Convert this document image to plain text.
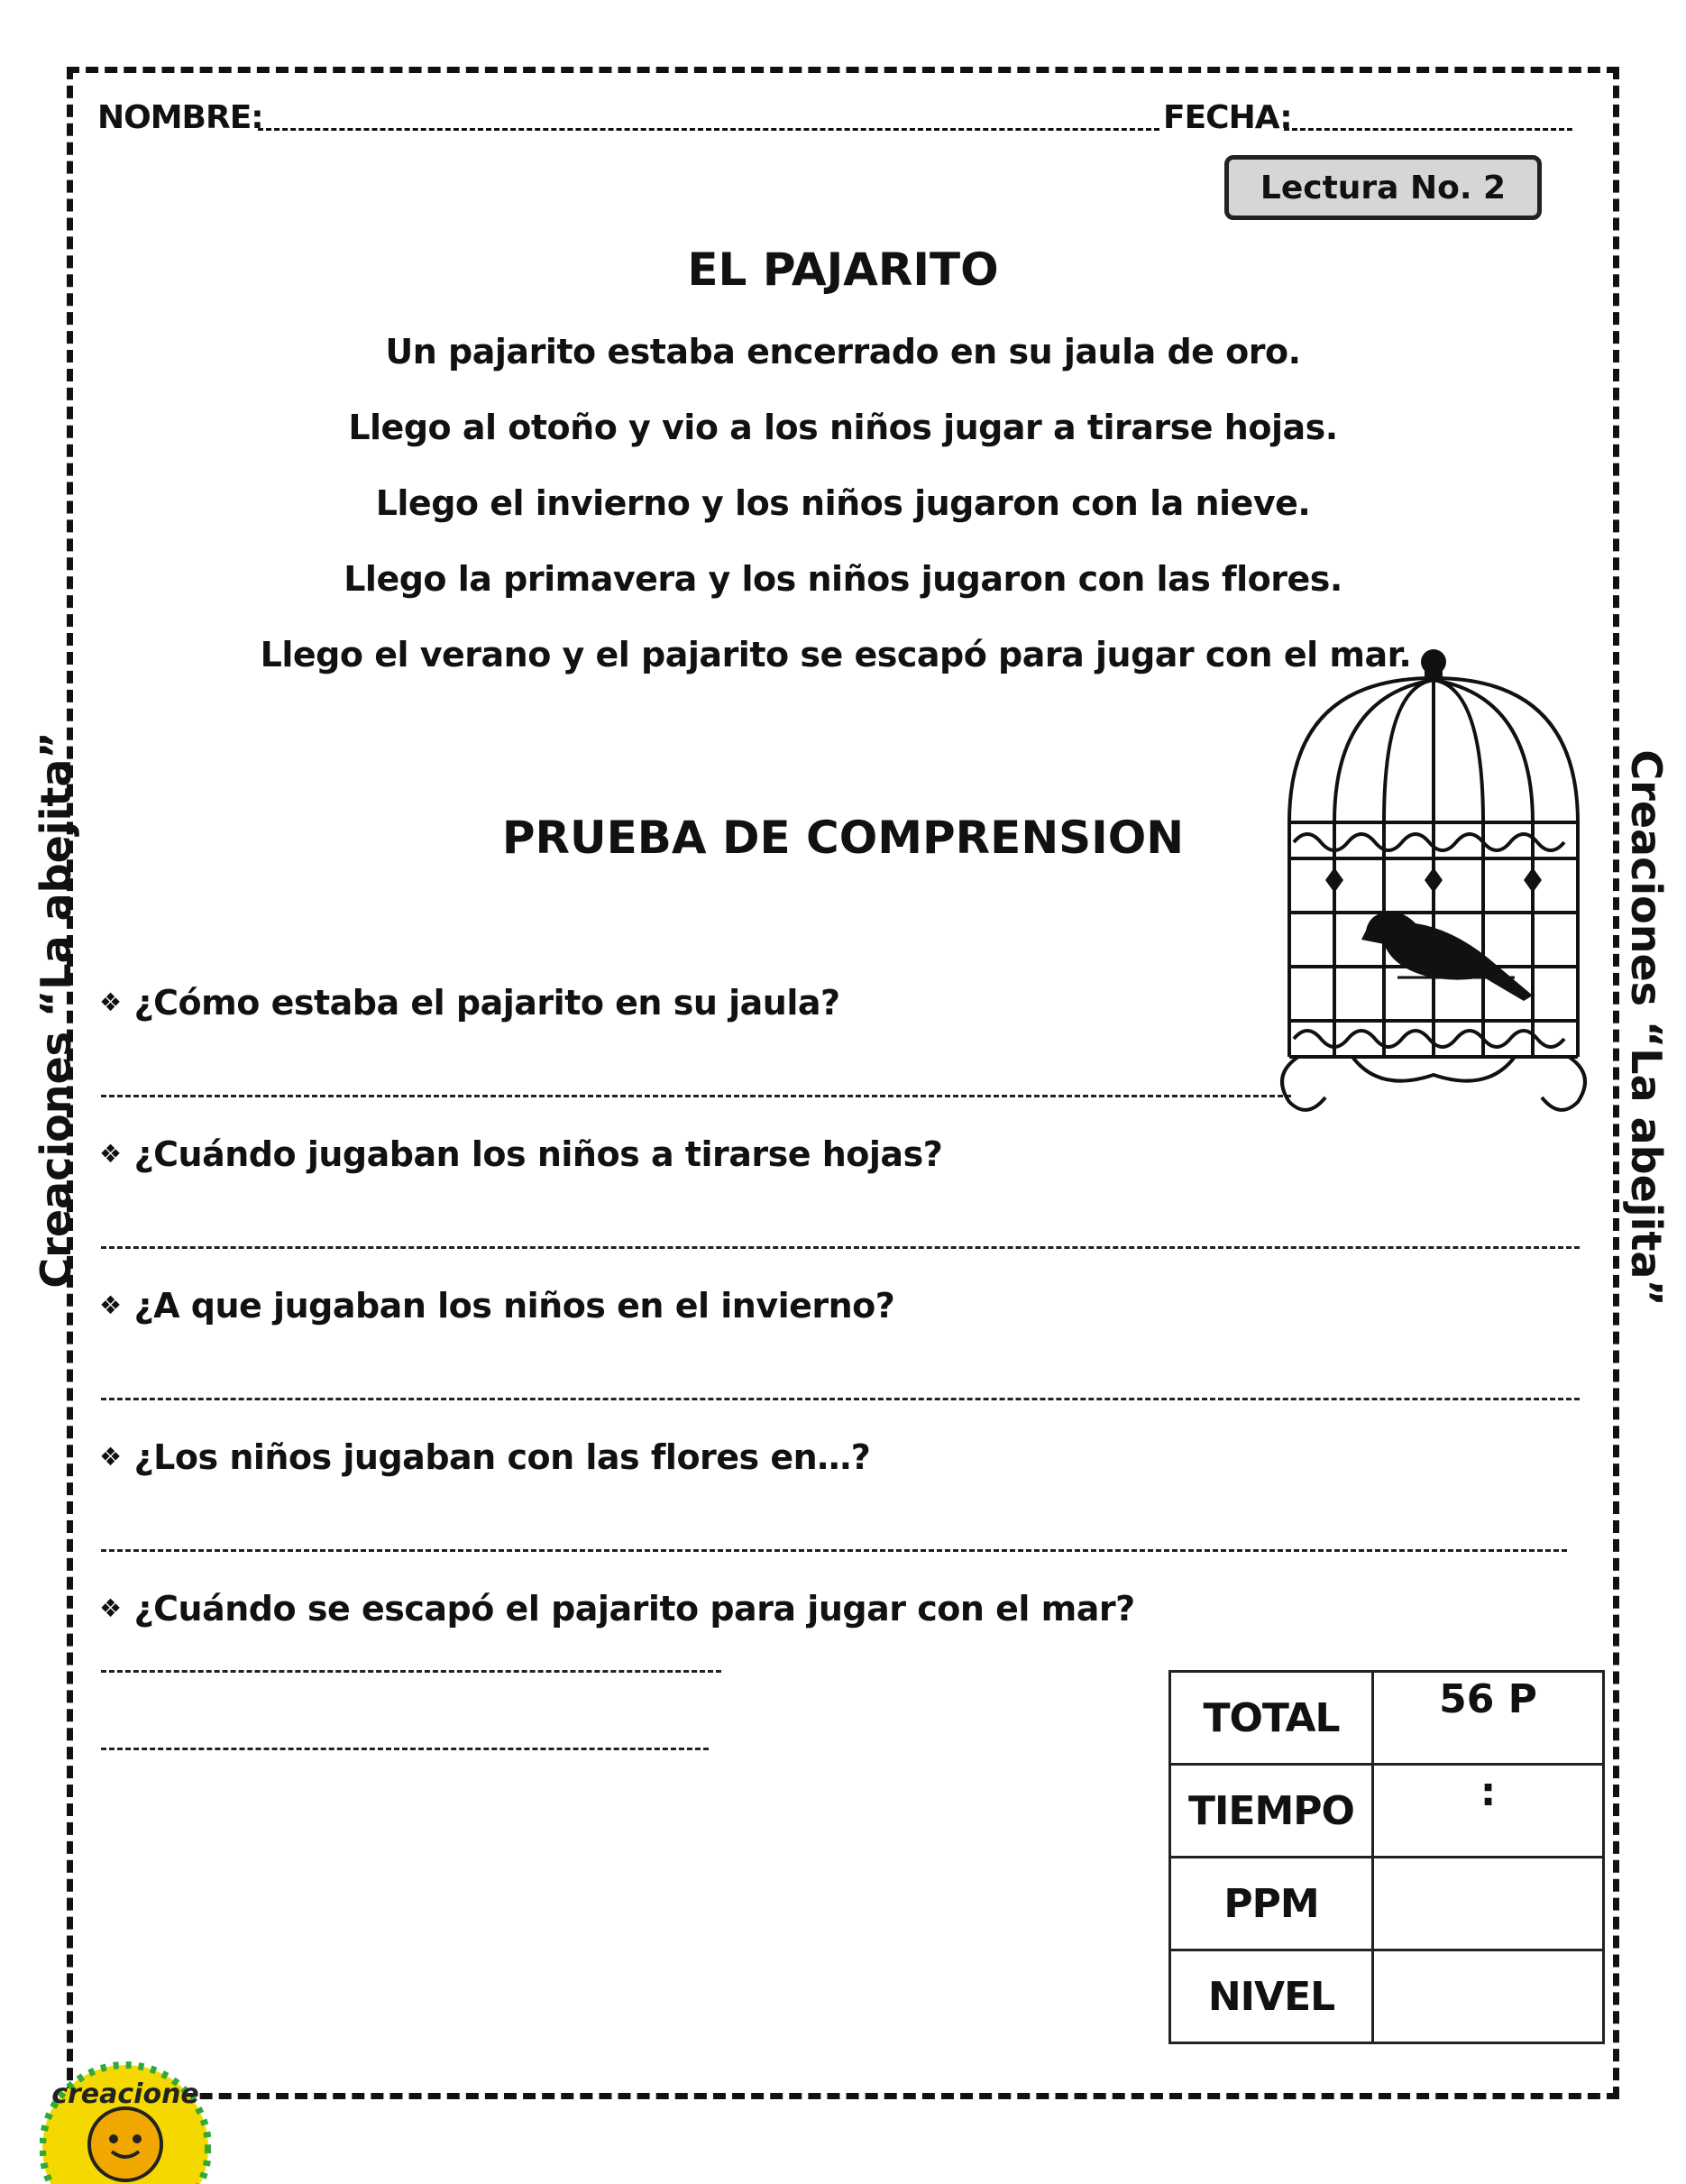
NOMBRE:	FECHA:
Lectura No. 2
EL PAJARITO
Un pajarito estaba encerrado en su jaula de oro.
Llego al otoño y vio a los niños jugar a tirarse hojas.
Llego el invierno y los niños jugaron con la nieve.
Llego la primavera y los niños jugaron con las flores.
Llego el verano y el pajarito se escapó para jugar con el mar.
PRUEBA DE COMPRENSION
❖ ¿Cómo estaba el pajarito en su jaula?
❖ ¿Cuándo jugaban los niños a tirarse hojas?
❖ ¿A que jugaban los niños en el invierno?
❖ ¿Los niños jugaban con las flores en…?
❖ ¿Cuándo se escapó el pajarito para jugar con el mar?
TOTAL	56 P
TIEMPO	:
PPM	
NIVEL	
Creaciones “La abejita”	Creaciones “La abejita”
creacione
